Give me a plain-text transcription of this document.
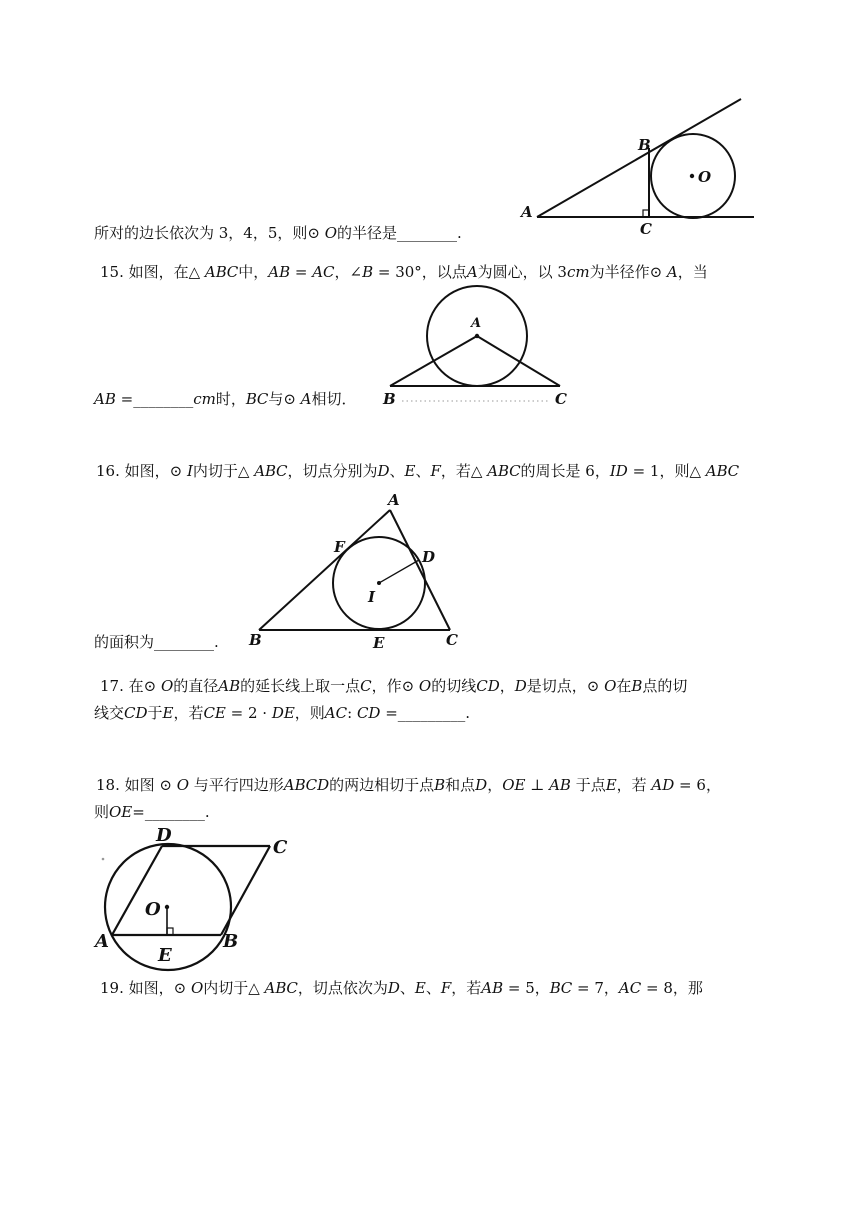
A
B
C
O
所对的边长依次为 3，4，5，则⊙ 𝑂的半径是________.
15. 如图，在△ 𝐴𝐵𝐶中，𝐴𝐵 = 𝐴𝐶，∠𝐵 = 30°，以点𝐴为圆心，以 3𝑐𝑚为半径作⊙ 𝐴，当
A
B	C
𝐴𝐵 =________𝑐𝑚时，𝐵𝐶与⊙ 𝐴相切．
16. 如图，⊙ 𝐼内切于△ 𝐴𝐵𝐶，切点分别为𝐷、𝐸、𝐹，若△ 𝐴𝐵𝐶的周长是 6，𝐼𝐷 = 1，则△ 𝐴𝐵𝐶
A
F
D
I
B	E	C
的面积为________.
17. 在⊙ 𝑂的直径𝐴𝐵的延长线上取一点𝐶，作⊙ 𝑂的切线𝐶𝐷，𝐷是切点，⊙ 𝑂在𝐵点的切
线交𝐶𝐷于𝐸，若𝐶𝐸 = 2 · 𝐷𝐸，则𝐴𝐶: 𝐶𝐷 =_________.
18. 如图 ⊙ 𝑂 与平行四边形𝐴𝐵𝐶𝐷的两边相切于点𝐵和点𝐷，𝑂𝐸 ⊥ 𝐴𝐵 于点𝐸，若 𝐴𝐷 = 6，
则𝑂𝐸=________.
D
C
O
A	B
E
19. 如图，⊙ 𝑂内切于△ 𝐴𝐵𝐶，切点依次为𝐷、𝐸、𝐹，若𝐴𝐵 = 5，𝐵𝐶 = 7，𝐴𝐶 = 8，那
